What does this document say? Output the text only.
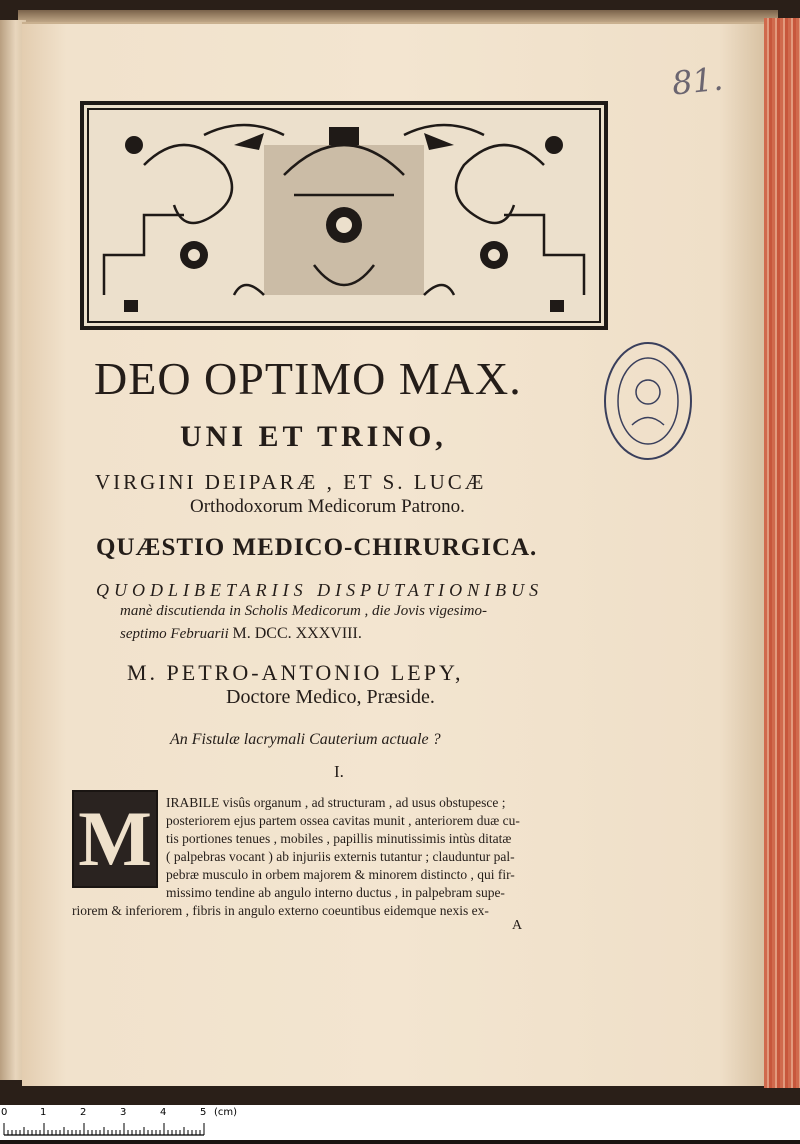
81.
DEO OPTIMO MAX.
UNI ET TRINO,
VIRGINI DEIPARÆ , ET S. LUCÆ
Orthodoxorum Medicorum Patrono.
QUÆSTIO MEDICO-CHIRURGICA.
QUODLIBETARIIS DISPUTATIONIBUS
manè discutienda in Scholis Medicorum , die Jovis vigesimo-
septimo Februarii M. DCC. XXXVIII.
M. PETRO-ANTONIO LEPY,
Doctore Medico, Præside.
An Fistulæ lacrymali Cauterium actuale ?
I.
M	IRABILE visûs organum , ad structuram , ad usus obstupesce ;
posteriorem ejus partem ossea cavitas munit , anteriorem duæ cu-
tis portiones tenues , mobiles , papillis minutissimis intùs ditatæ
( palpebras vocant ) ab injuriis externis tutantur ; clauduntur pal-
pebræ musculo in orbem majorem & minorem distincto , qui fir-
missimo tendine ab angulo interno ductus , in palpebram supe-
riorem & inferiorem , fibris in angulo externo coeuntibus eidemque nexis ex-
A
0	1	2	3	4	5 (cm)
